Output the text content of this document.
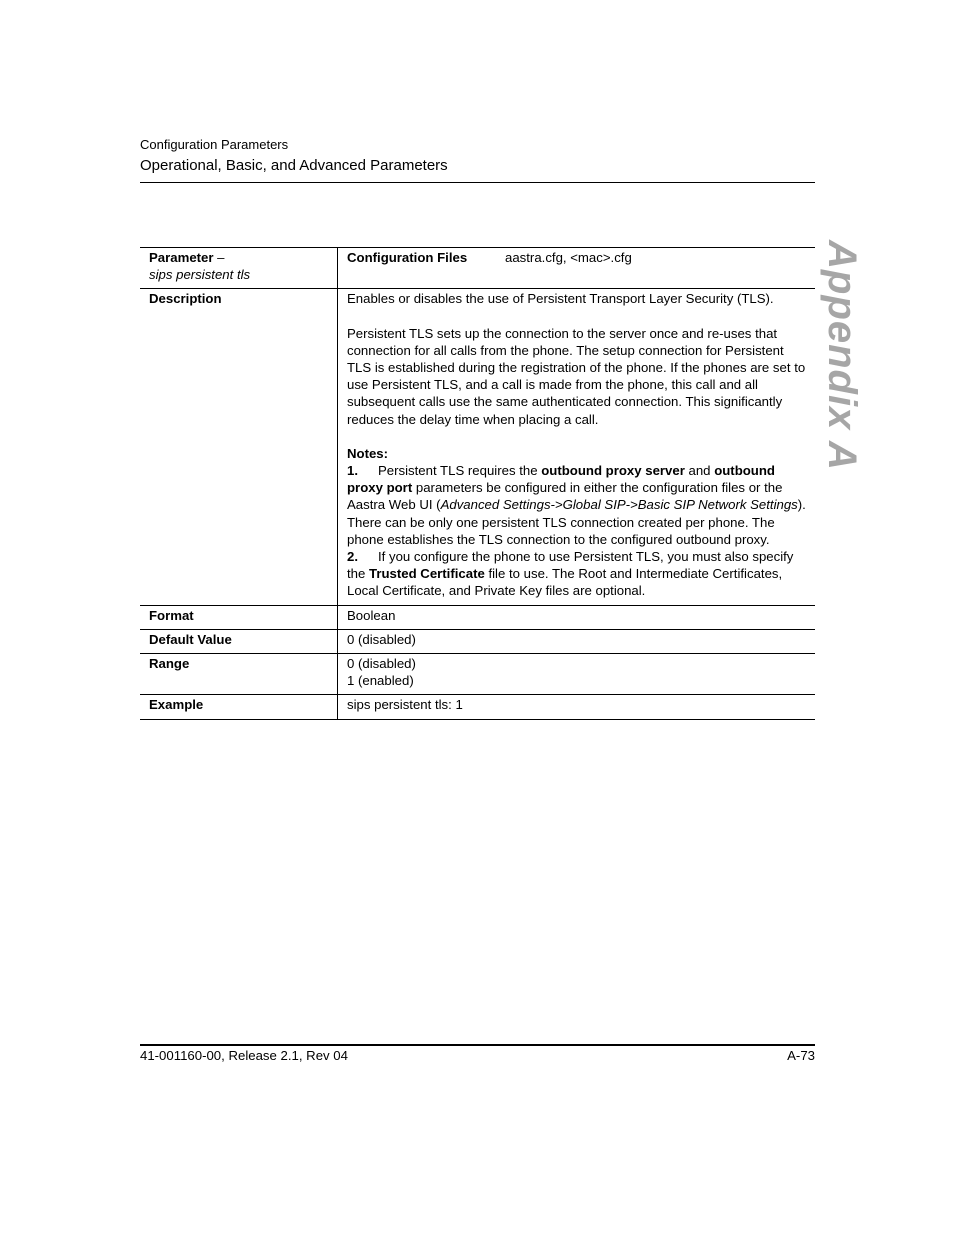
Configuration Parameters
Operational, Basic, and Advanced Parameters
Appendix A
Parameter –
sips persistent tls	Configuration Files aastra.cfg, <mac>.cfg
Description	Enables or disables the use of Persistent Transport Layer Security (TLS).
Persistent TLS sets up the connection to the server once and re-uses that connection for all calls from the phone. The setup connection for Persistent TLS is established during the registration of the phone. If the phones are set to use Persistent TLS, and a call is made from the phone, this call and all subsequent calls use the same authenticated connection. This significantly reduces the delay time when placing a call.
Notes:
1. Persistent TLS requires the outbound proxy server and outbound proxy port parameters be configured in either the configuration files or the Aastra Web UI (Advanced Settings->Global SIP->Basic SIP Network Settings). There can be only one persistent TLS connection created per phone. The phone establishes the TLS connection to the configured outbound proxy.
2. If you configure the phone to use Persistent TLS, you must also specify the Trusted Certificate file to use. The Root and Intermediate Certificates, Local Certificate, and Private Key files are optional.

Format	Boolean
Default Value	0 (disabled)
Range	0 (disabled)
1 (enabled)

Example	sips persistent tls: 1
41-001160-00, Release 2.1, Rev 04	A-73
